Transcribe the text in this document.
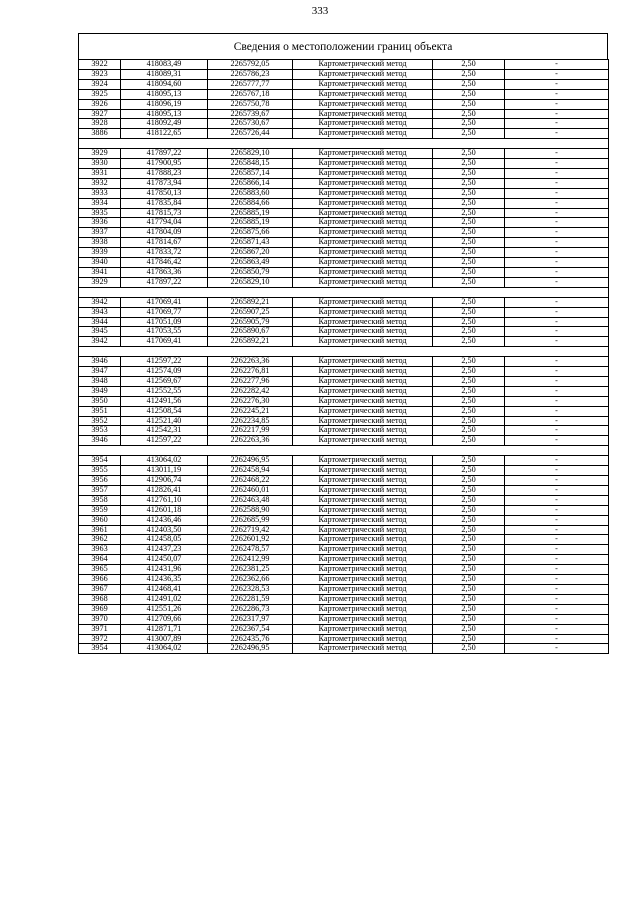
333
Сведения о местоположении границ объекта
3922	418083,49	2265792,05	Картометрический метод	2,50	-
3923	418089,31	2265786,23	Картометрический метод	2,50	-
3924	418094,60	2265777,77	Картометрический метод	2,50	-
3925	418095,13	2265767,18	Картометрический метод	2,50	-
3926	418096,19	2265750,78	Картометрический метод	2,50	-
3927	418095,13	2265739,67	Картометрический метод	2,50	-
3928	418092,49	2265730,67	Картометрический метод	2,50	-
3886	418122,65	2265726,44	Картометрический метод	2,50	-

3929	417897,22	2265829,10	Картометрический метод	2,50	-
3930	417900,95	2265848,15	Картометрический метод	2,50	-
3931	417888,23	2265857,14	Картометрический метод	2,50	-
3932	417873,94	2265866,14	Картометрический метод	2,50	-
3933	417850,13	2265883,60	Картометрический метод	2,50	-
3934	417835,84	2265884,66	Картометрический метод	2,50	-
3935	417815,73	2265885,19	Картометрический метод	2,50	-
3936	417794,04	2265885,19	Картометрический метод	2,50	-
3937	417804,09	2265875,66	Картометрический метод	2,50	-
3938	417814,67	2265871,43	Картометрический метод	2,50	-
3939	417833,72	2265867,20	Картометрический метод	2,50	-
3940	417846,42	2265863,49	Картометрический метод	2,50	-
3941	417863,36	2265850,79	Картометрический метод	2,50	-
3929	417897,22	2265829,10	Картометрический метод	2,50	-

3942	417069,41	2265892,21	Картометрический метод	2,50	-
3943	417069,77	2265907,25	Картометрический метод	2,50	-
3944	417051,09	2265905,79	Картометрический метод	2,50	-
3945	417053,55	2265890,67	Картометрический метод	2,50	-
3942	417069,41	2265892,21	Картометрический метод	2,50	-

3946	412597,22	2262263,36	Картометрический метод	2,50	-
3947	412574,09	2262276,81	Картометрический метод	2,50	-
3948	412569,67	2262277,96	Картометрический метод	2,50	-
3949	412552,55	2262282,42	Картометрический метод	2,50	-
3950	412491,56	2262276,30	Картометрический метод	2,50	-
3951	412508,54	2262245,21	Картометрический метод	2,50	-
3952	412521,40	2262234,85	Картометрический метод	2,50	-
3953	412542,31	2262217,99	Картометрический метод	2,50	-
3946	412597,22	2262263,36	Картометрический метод	2,50	-

3954	413064,02	2262496,95	Картометрический метод	2,50	-
3955	413011,19	2262458,94	Картометрический метод	2,50	-
3956	412906,74	2262468,22	Картометрический метод	2,50	-
3957	412826,41	2262460,01	Картометрический метод	2,50	-
3958	412761,10	2262463,48	Картометрический метод	2,50	-
3959	412601,18	2262588,90	Картометрический метод	2,50	-
3960	412436,46	2262685,99	Картометрический метод	2,50	-
3961	412403,50	2262719,42	Картометрический метод	2,50	-
3962	412458,05	2262601,92	Картометрический метод	2,50	-
3963	412437,23	2262478,57	Картометрический метод	2,50	-
3964	412450,07	2262412,99	Картометрический метод	2,50	-
3965	412431,96	2262381,25	Картометрический метод	2,50	-
3966	412436,35	2262362,66	Картометрический метод	2,50	-
3967	412468,41	2262328,53	Картометрический метод	2,50	-
3968	412491,02	2262281,59	Картометрический метод	2,50	-
3969	412551,26	2262286,73	Картометрический метод	2,50	-
3970	412709,66	2262317,97	Картометрический метод	2,50	-
3971	412871,71	2262367,54	Картометрический метод	2,50	-
3972	413007,89	2262435,76	Картометрический метод	2,50	-
3954	413064,02	2262496,95	Картометрический метод	2,50	-
